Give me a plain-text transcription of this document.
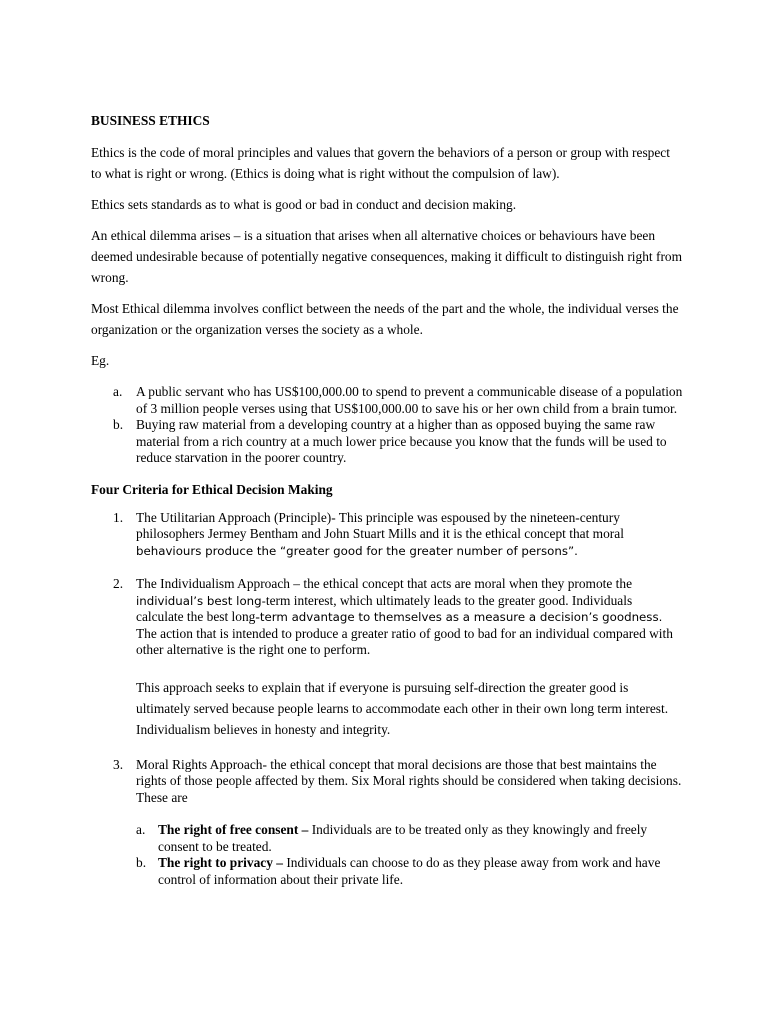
BUSINESS ETHICS

Ethics is the code of moral principles and values that govern the behaviors of a person or group with respect to what is right or wrong. (Ethics is doing what is right without the compulsion of law).

Ethics sets standards as to what is good or bad in conduct and decision making.

An ethical dilemma arises – is a situation that arises when all alternative choices or behaviours have been deemed undesirable because of potentially negative consequences, making it difficult to distinguish right from wrong.

Most Ethical dilemma involves conflict between the needs of the part and the whole, the individual verses the organization or the organization verses the society as a whole.

Eg.

a.	A public servant who has US$100,000.00 to spend to prevent a communicable disease of a population of 3 million people verses using that US$100,000.00 to save his or her own child from a brain tumor.
b. Buying raw material from a developing country at a higher than as opposed buying the same raw material from a rich country at a much lower price because you know that the funds will be used to reduce starvation in the poorer country.

Four Criteria for Ethical Decision Making

1. The Utilitarian Approach (Principle)- This principle was espoused by the nineteen-century philosophers Jermey Bentham and John Stuart Mills and it is the ethical concept that moral behaviours produce the “greater good for the greater number of persons”.
2. The Individualism Approach – the ethical concept that acts are moral when they promote the individual’s best long-term interest, which ultimately leads to the greater good. Individuals calculate the best long-term advantage to themselves as a measure a decision’s goodness. The action that is intended to produce a greater ratio of good to bad for an individual compared with other alternative is the right one to perform.

This approach seeks to explain that if everyone is pursuing self-direction the greater good is ultimately served because people learns to accommodate each other in their own long term interest. Individualism believes in honesty and integrity.

3. Moral Rights Approach- the ethical concept that moral decisions are those that best maintains the rights of those people affected by them. Six Moral rights should be considered when taking decisions. These are
a. The right of free consent – Individuals are to be treated only as they knowingly and freely consent to be treated.
b. The right to privacy – Individuals can choose to do as they please away from work and have control of information about their private life.
